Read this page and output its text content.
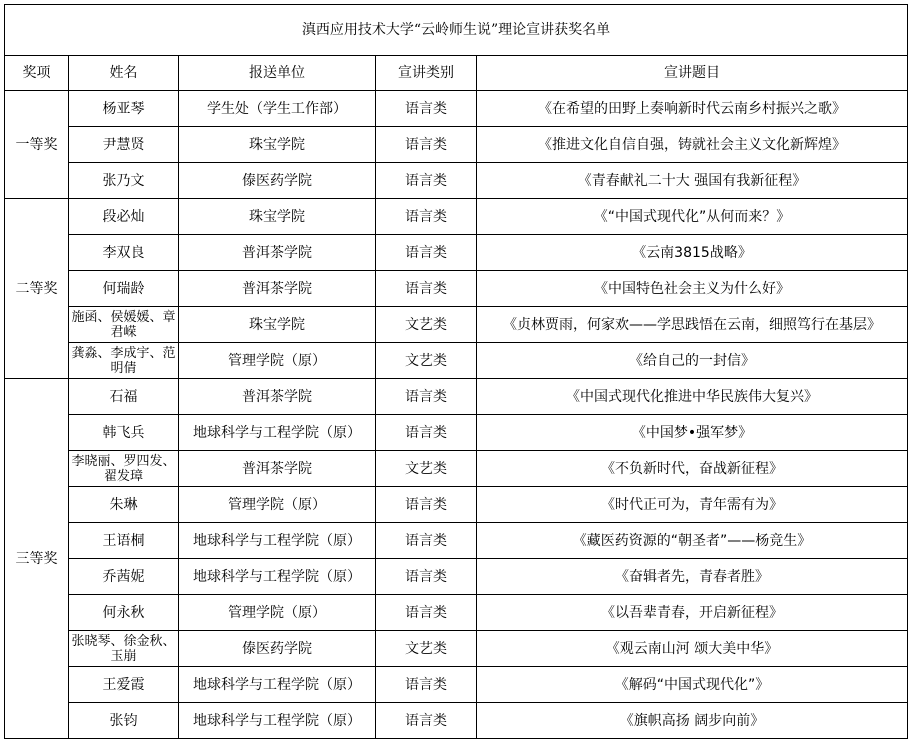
滇西应用技术大学“云岭师生说”理论宣讲获奖名单				
奖项	姓名	报送单位	宣讲类别	宣讲题目
一等奖	杨亚琴	学生处（学生工作部）	语言类	《在希望的田野上奏响新时代云南乡村振兴之歌》
	尹慧贤	珠宝学院	语言类	《推进文化自信自强，铸就社会主义文化新辉煌》
	张乃文	傣医药学院	语言类	《青春献礼二十大 强国有我新征程》
二等奖	段必灿	珠宝学院	语言类	《“中国式现代化”从何而来？》
	李双良	普洱茶学院	语言类	《云南3815战略》
	何瑞龄	普洱茶学院	语言类	《中国特色社会主义为什么好》
	施函、侯媛媛、章君嵘	珠宝学院	文艺类	《贞林贾雨，何家欢——学思践悟在云南，细照笃行在基层》
	龚淼、李成宇、范明倩	管理学院（原）	文艺类	《给自己的一封信》
三等奖	石福	普洱茶学院	语言类	《中国式现代化推进中华民族伟大复兴》
	韩飞兵	地球科学与工程学院（原）	语言类	《中国梦•强军梦》
	李晓丽、罗四发、翟发璋	普洱茶学院	文艺类	《不负新时代，奋战新征程》
	朱琳	管理学院（原）	语言类	《时代正可为，青年需有为》
	王语桐	地球科学与工程学院（原）	语言类	《藏医药资源的“朝圣者”——杨竞生》
	乔茜妮	地球科学与工程学院（原）	语言类	《奋辑者先，青春者胜》
	何永秋	管理学院（原）	语言类	《以吾辈青春，开启新征程》
	张晓琴、徐金秋、玉崩	傣医药学院	文艺类	《观云南山河 颂大美中华》
	王爱霞	地球科学与工程学院（原）	语言类	《解码“中国式现代化”》
	张钧	地球科学与工程学院（原）	语言类	《旗帜高扬 阔步向前》
